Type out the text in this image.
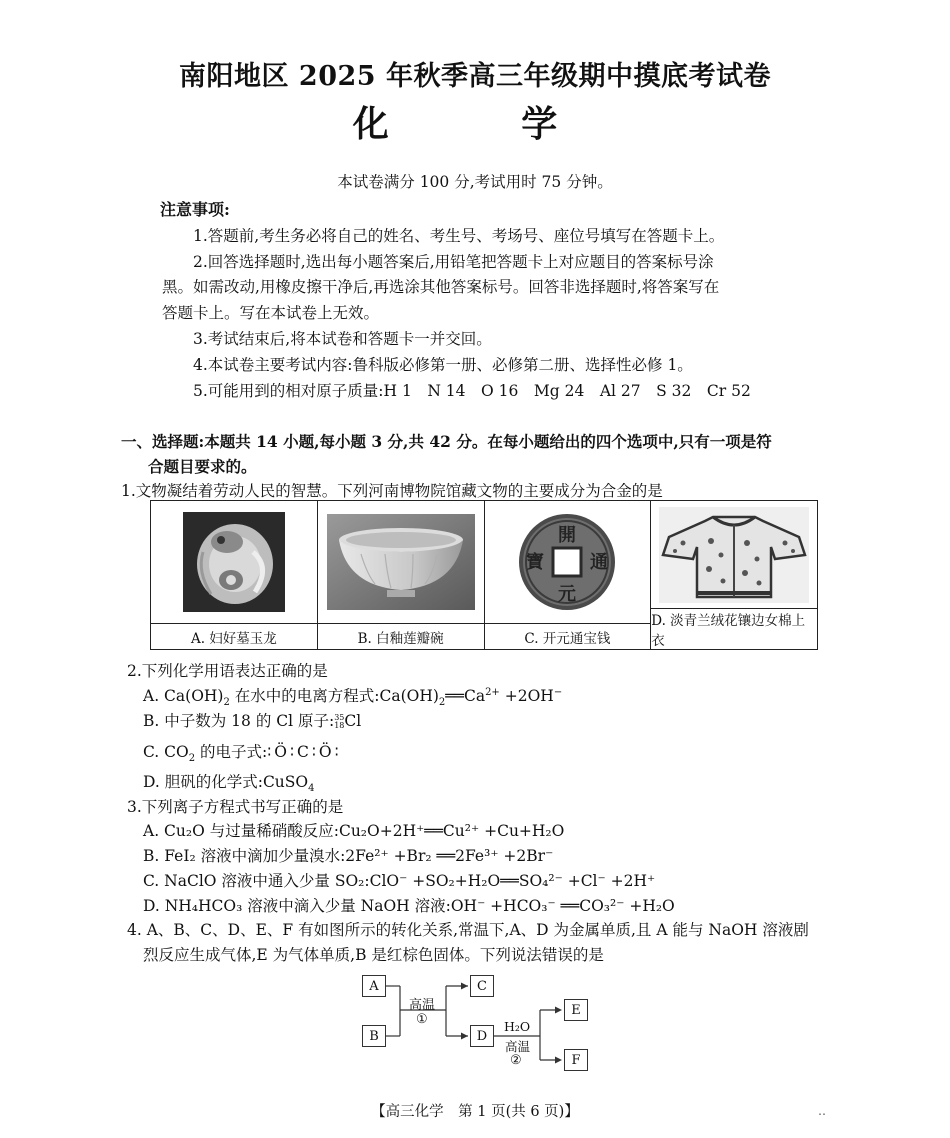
南阳地区 2025 年秋季高三年级期中摸底考试卷
化 学
本试卷满分 100 分,考试用时 75 分钟。
注意事项:
1.答题前,考生务必将自己的姓名、考生号、考场号、座位号填写在答题卡上。
2.回答选择题时,选出每小题答案后,用铅笔把答题卡上对应题目的答案标号涂
黑。如需改动,用橡皮擦干净后,再选涂其他答案标号。回答非选择题时,将答案写在
答题卡上。写在本试卷上无效。
3.考试结束后,将本试卷和答题卡一并交回。
4.本试卷主要考试内容:鲁科版必修第一册、必修第二册、选择性必修 1。
5.可能用到的相对原子质量:H 1　N 14　O 16　Mg 24　Al 27　S 32　Cr 52
一、选择题:本题共 14 小题,每小题 3 分,共 42 分。在每小题给出的四个选项中,只有一项是符
合题目要求的。
1.文物凝结着劳动人民的智慧。下列河南博物院馆藏文物的主要成分为合金的是
A. 妇好墓玉龙	B. 白釉莲瓣碗
開
通
元
寶
C. 开元通宝钱
D. 淡青兰绒花镶边女棉上衣
2.下列化学用语表达正确的是
A. $Ca(OH)_2$ 在水中的电离方程式$:Ca(OH)_2══Ca^{2+} +2OH^-$
B. 中子数为 18 的 Cl 原子: 35
18 Cl
C. $CO_2$ 的电子式:∶Ö∶C∶Ö∶
D. 胆矾的化学式:CuSO$_4$
3.下列离子方程式书写正确的是
A. Cu₂O 与过量稀硝酸反应:Cu₂O+2H⁺══Cu²⁺ +Cu+H₂O
B. FeI₂ 溶液中滴加少量溴水:2Fe²⁺ +Br₂ ══2Fe³⁺ +2Br⁻
C. NaClO 溶液中通入少量 SO₂:ClO⁻ +SO₂+H₂O══SO₄²⁻ +Cl⁻ +2H⁺
D. NH₄HCO₃ 溶液中滴入少量 NaOH 溶液:OH⁻ +HCO₃⁻ ══CO₃²⁻ +H₂O
4. A、B、C、D、E、F 有如图所示的转化关系,常温下,A、D 为金属单质,且 A 能与 NaOH 溶液剧
烈反应生成气体,E 为气体单质,B 是红棕色固体。下列说法错误的是
A
B
C
D
E
F
高温
①	H₂O
高温
②
【高三化学　第 1 页(共 6 页)】	‥
